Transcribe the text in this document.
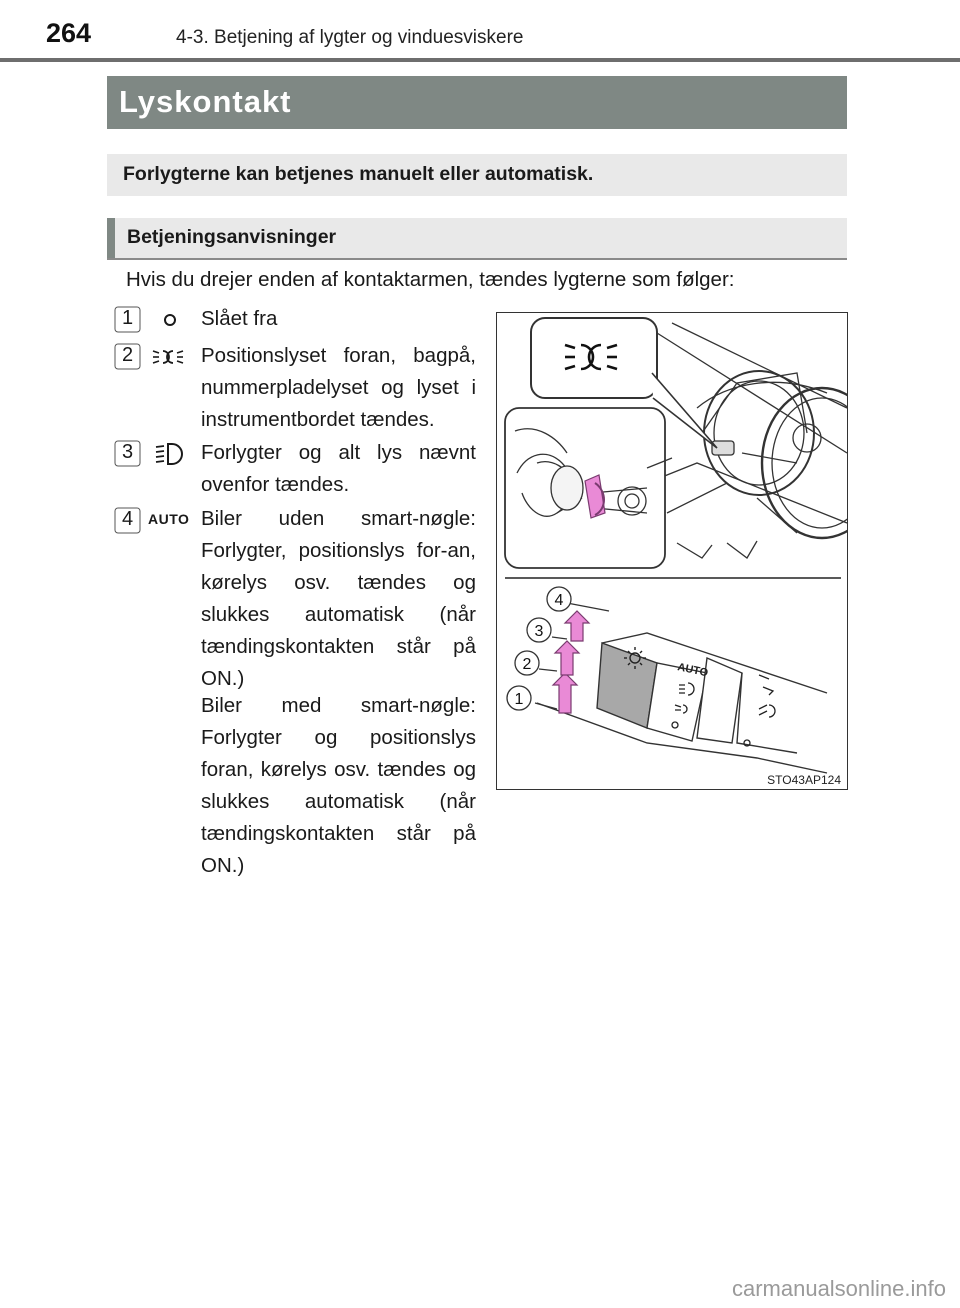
264	4-3. Betjening af lygter og vinduesviskere
Lyskontakt
Forlygterne kan betjenes manuelt eller automatisk.
Betjeningsanvisninger
Hvis du drejer enden af kontaktarmen, tændes lygterne som følger:
1	Slået fra

2	Positionslyset foran, bagpå, nummerpladelyset og lyset i instrumentbordet tændes.

3	Forlygter og alt lys nævnt ovenfor tændes.

4	AUTO Biler uden smart-nøgle: Forlygter, positionslys for-an, kørelys osv. tændes og slukkes automatisk (når tændingskontakten står på ON.)

Biler med smart-nøgle: Forlygter og positionslys foran, kørelys osv. tændes og slukkes automatisk (når tændingskontakten står på ON.)

AUTO
1
2
3
4
STO43AP124
carmanualsonline.info
